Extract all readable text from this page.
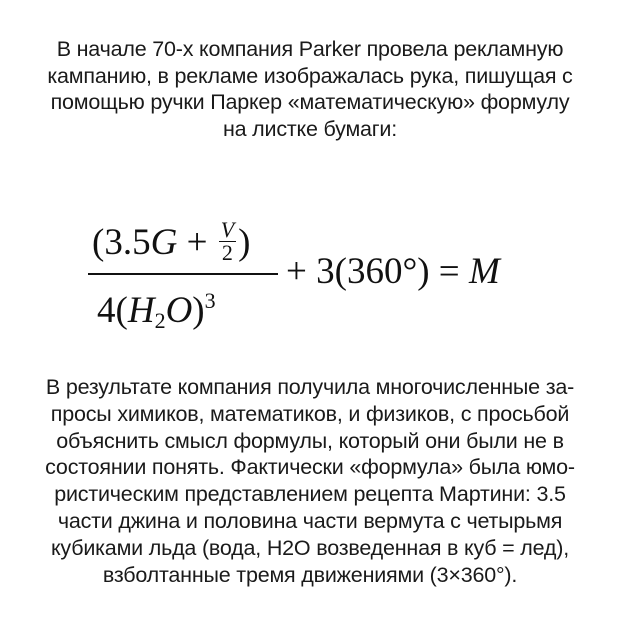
В начале 70-х компания Parker провела рекламную
кампанию, в рекламе изображалась рука, пишущая с
помощью ручки Паркер «математическую» формулу
на листке бумаги:
($3.5G + \frac{V}{2}$ )
$4(H_2O)^3$
+ 3(360°) = M
В результате компания получила многочисленные за-
просы химиков, математиков, и физиков, с просьбой
объяснить смысл формулы, который они были не в
состоянии понять. Фактически «формула» была юмо-
ристическим представлением рецепта Мартини: 3.5
части джина и половина части вермута с четырьмя
кубиками льда (вода, H2O возведенная в куб = лед),
взболтанные тремя движениями (3×360°).
